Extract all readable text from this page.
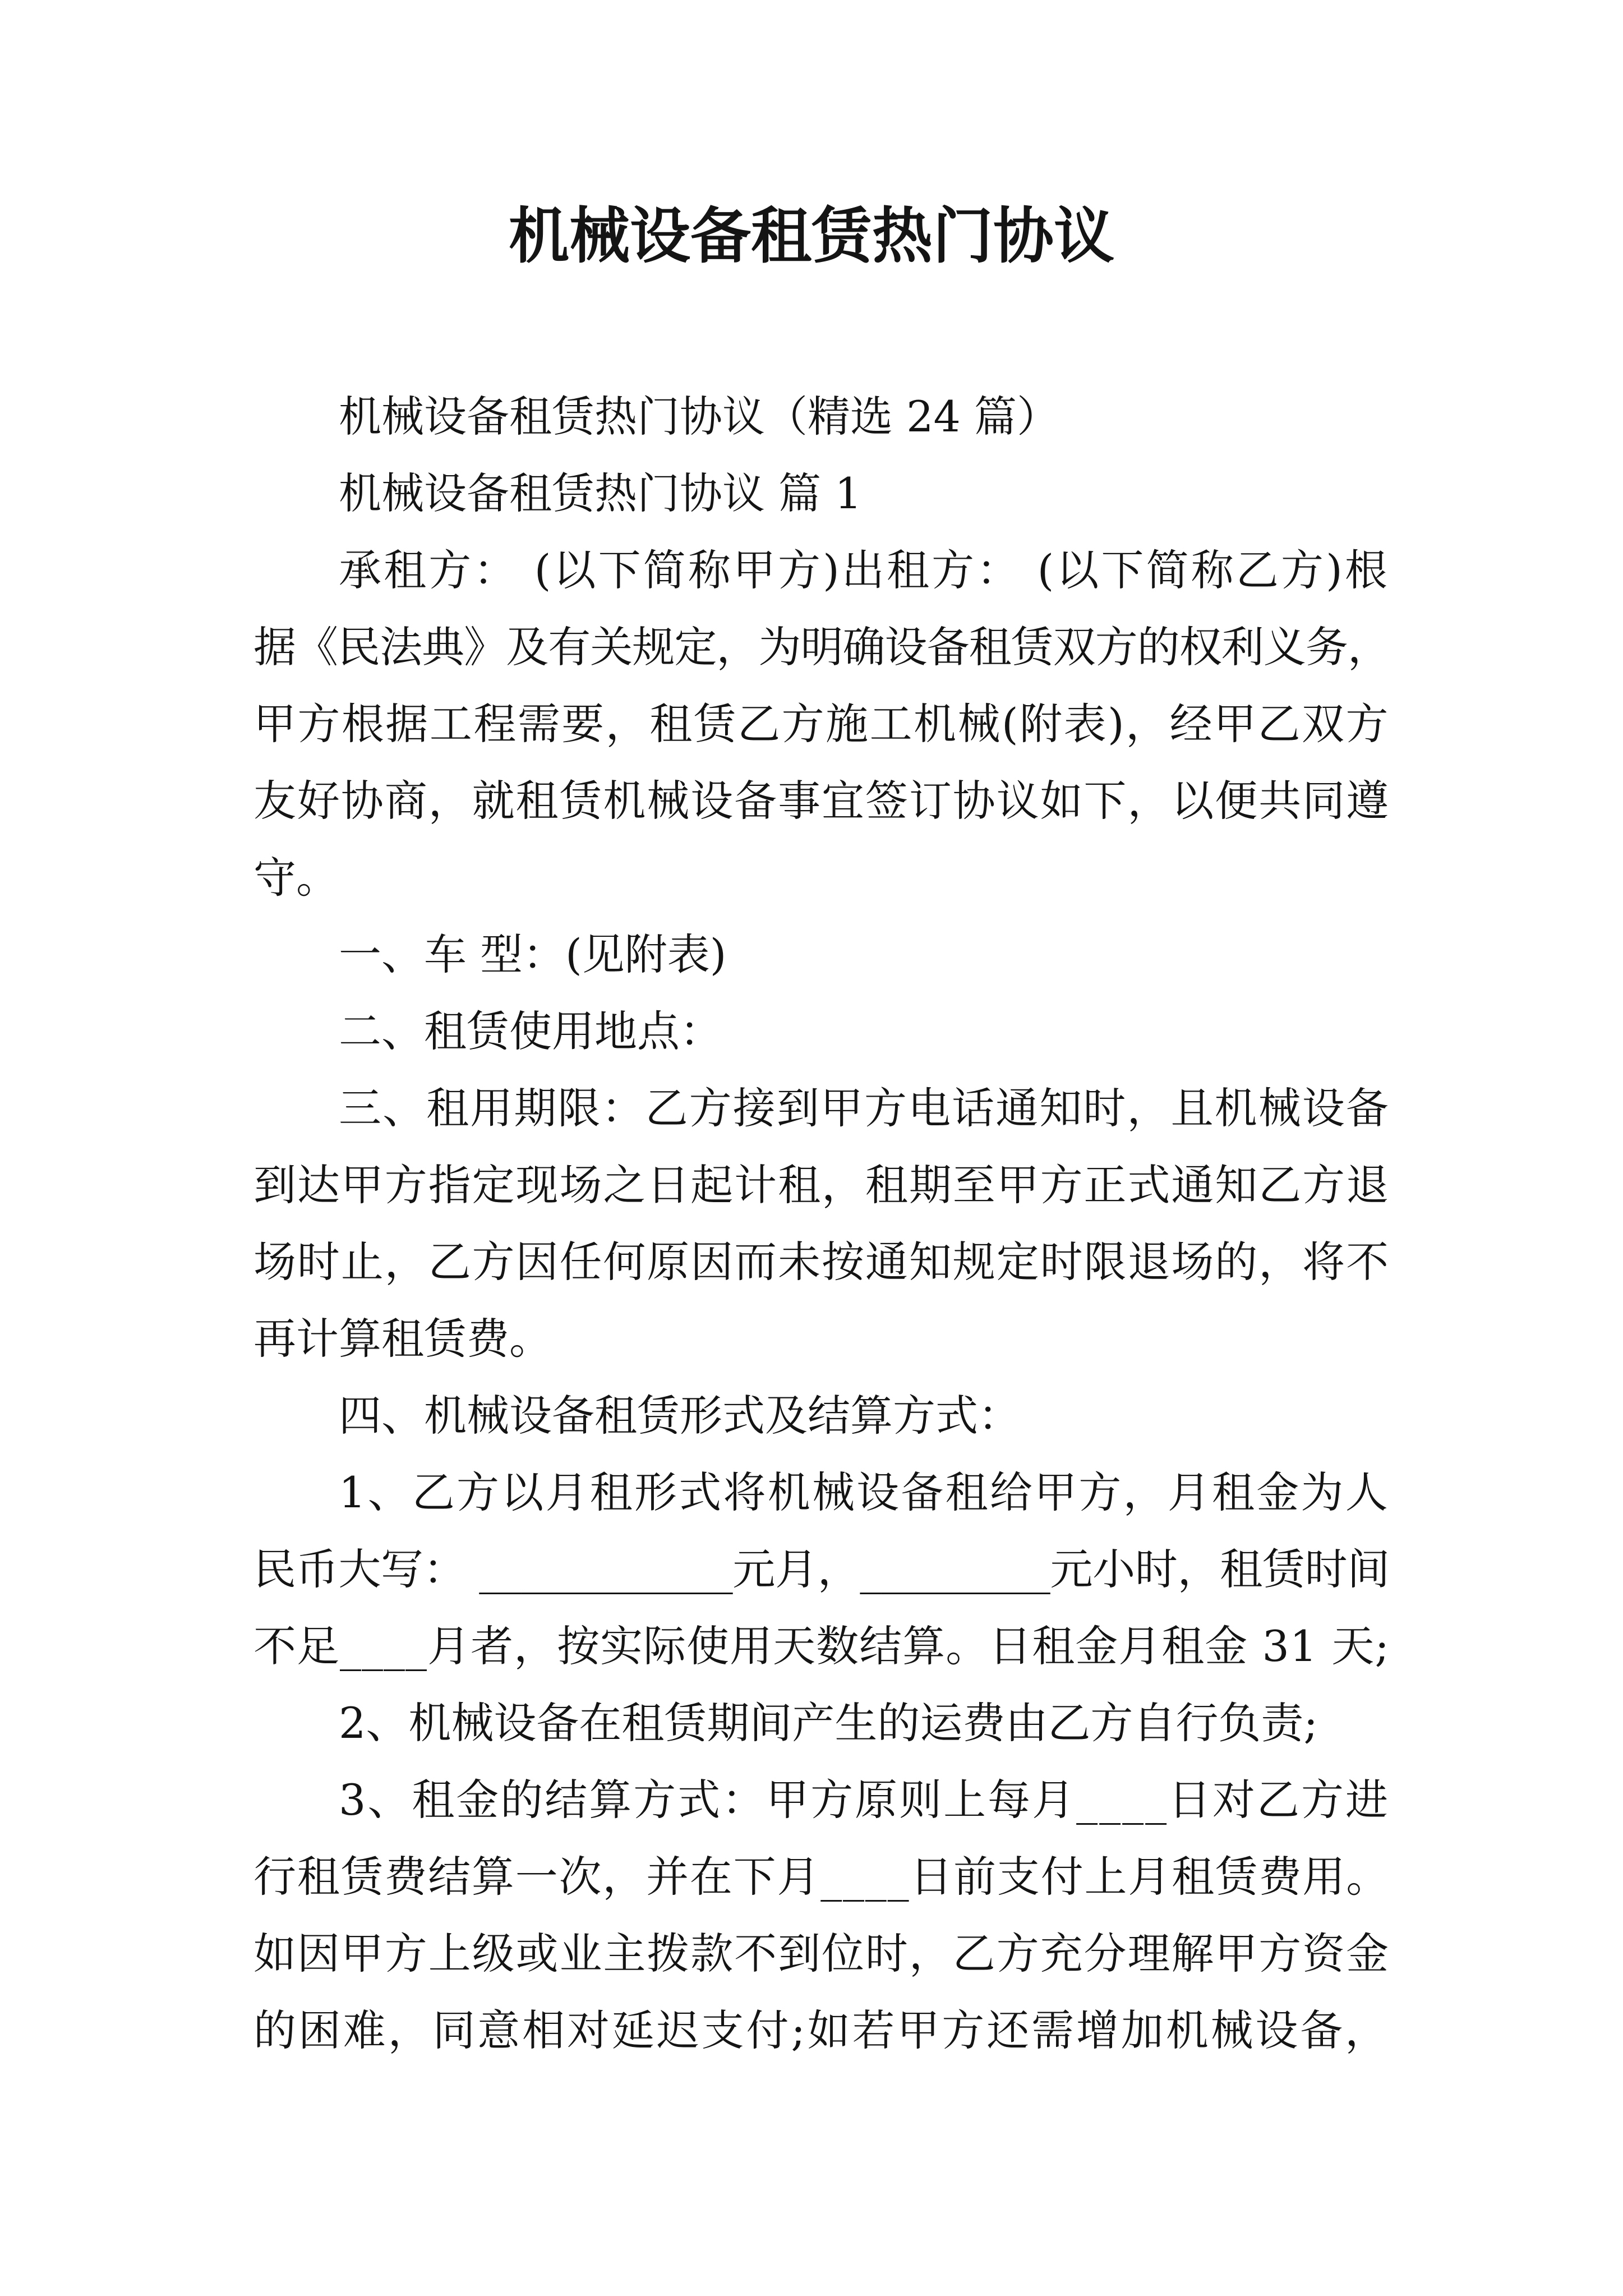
机械设备租赁热门协议
机械设备租赁热门协议（精选 24 篇）
机械设备租赁热门协议 篇 1
承租方： (以下简称甲方)出租方： (以下简称乙方)根
据《民法典》及有关规定，为明确设备租赁双方的权利义务，
甲方根据工程需要，租赁乙方施工机械(附表)，经甲乙双方
友好协商，就租赁机械设备事宜签订协议如下，以便共同遵
守。
一、车 型：(见附表)
二、租赁使用地点：
三、租用期限：乙方接到甲方电话通知时，且机械设备
到达甲方指定现场之日起计租，租期至甲方正式通知乙方退
场时止，乙方因任何原因而未按通知规定时限退场的，将不
再计算租赁费。
四、机械设备租赁形式及结算方式：
1、乙方以月租形式将机械设备租给甲方，月租金为人
民币大写： ____________元月，_________元小时，租赁时间
不足____月者，按实际使用天数结算。日租金月租金 31 天;
2、机械设备在租赁期间产生的运费由乙方自行负责;
3、租金的结算方式：甲方原则上每月____日对乙方进
行租赁费结算一次，并在下月____日前支付上月租赁费用。
如因甲方上级或业主拨款不到位时，乙方充分理解甲方资金
的困难，同意相对延迟支付;如若甲方还需增加机械设备，
